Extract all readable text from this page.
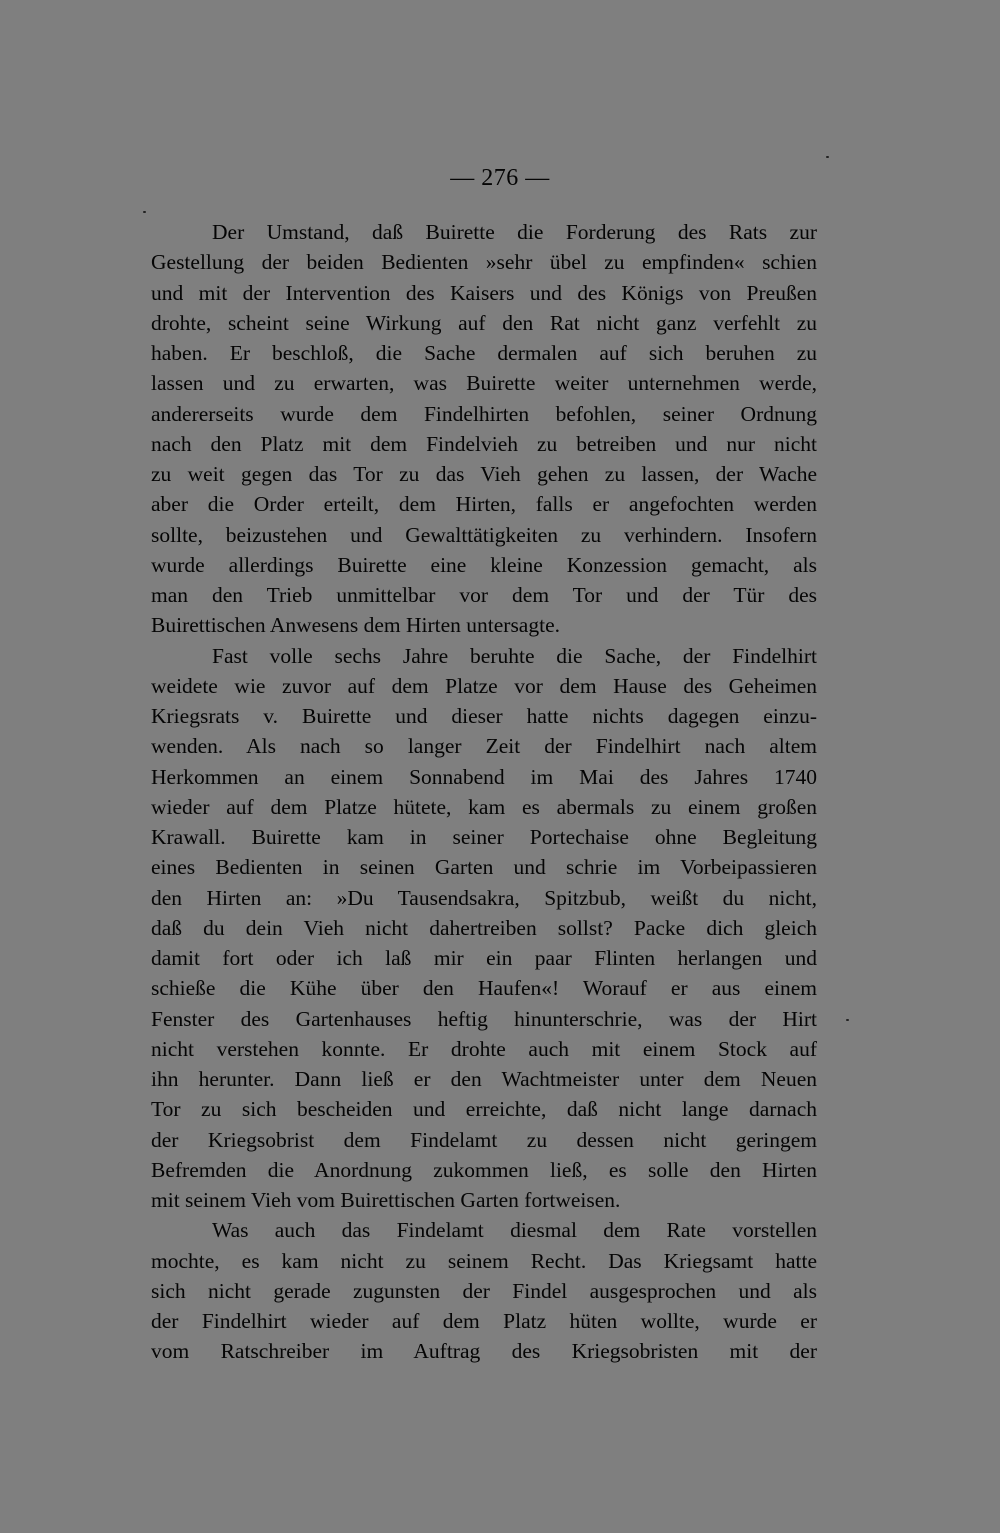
— 276 —
Der Umstand, daß Buirette die Forderung des Rats zur
Gestellung der beiden Bedienten »sehr übel zu empfinden« schien
und mit der Intervention des Kaisers und des Königs von Preußen
drohte, scheint seine Wirkung auf den Rat nicht ganz verfehlt zu
haben. Er beschloß, die Sache dermalen auf sich beruhen zu
lassen und zu erwarten, was Buirette weiter unternehmen werde,
andererseits wurde dem Findelhirten befohlen, seiner Ordnung
nach den Platz mit dem Findelvieh zu betreiben und nur nicht
zu weit gegen das Tor zu das Vieh gehen zu lassen, der Wache
aber die Order erteilt, dem Hirten, falls er angefochten werden
sollte, beizustehen und Gewalttätigkeiten zu verhindern. Insofern
wurde allerdings Buirette eine kleine Konzession gemacht, als
man den Trieb unmittelbar vor dem Tor und der Tür des
Buirettischen Anwesens dem Hirten untersagte.
Fast volle sechs Jahre beruhte die Sache, der Findelhirt
weidete wie zuvor auf dem Platze vor dem Hause des Geheimen
Kriegsrats v. Buirette und dieser hatte nichts dagegen einzu-
wenden. Als nach so langer Zeit der Findelhirt nach altem
Herkommen an einem Sonnabend im Mai des Jahres 1740
wieder auf dem Platze hütete, kam es abermals zu einem großen
Krawall. Buirette kam in seiner Portechaise ohne Begleitung
eines Bedienten in seinen Garten und schrie im Vorbeipassieren
den Hirten an: »Du Tausendsakra, Spitzbub, weißt du nicht,
daß du dein Vieh nicht dahertreiben sollst? Packe dich gleich
damit fort oder ich laß mir ein paar Flinten herlangen und
schieße die Kühe über den Haufen«! Worauf er aus einem
Fenster des Gartenhauses heftig hinunterschrie, was der Hirt
nicht verstehen konnte. Er drohte auch mit einem Stock auf
ihn herunter. Dann ließ er den Wachtmeister unter dem Neuen
Tor zu sich bescheiden und erreichte, daß nicht lange darnach
der Kriegsobrist dem Findelamt zu dessen nicht geringem
Befremden die Anordnung zukommen ließ, es solle den Hirten
mit seinem Vieh vom Buirettischen Garten fortweisen.
Was auch das Findelamt diesmal dem Rate vorstellen
mochte, es kam nicht zu seinem Recht. Das Kriegsamt hatte
sich nicht gerade zugunsten der Findel ausgesprochen und als
der Findelhirt wieder auf dem Platz hüten wollte, wurde er
vom Ratschreiber im Auftrag des Kriegsobristen mit der
